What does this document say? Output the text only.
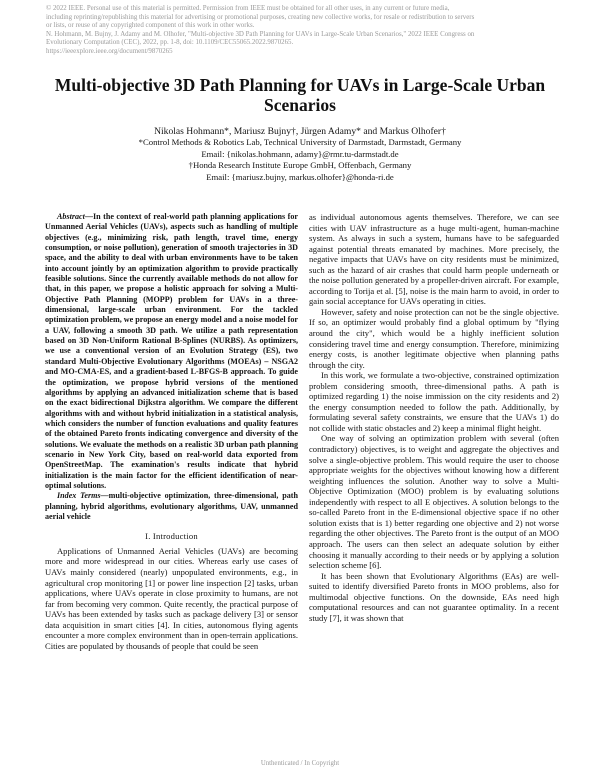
© 2022 IEEE. Personal use of this material is permitted. Permission from IEEE must be obtained for all other uses, in any current or future media,
including reprinting/republishing this material for advertising or promotional purposes, creating new collective works, for resale or redistribution to servers
or lists, or reuse of any copyrighted component of this work in other works.
N. Hohmann, M. Bujny, J. Adamy and M. Olhofer, "Multi-objective 3D Path Planning for UAVs in Large-Scale Urban Scenarios," 2022 IEEE Congress on
Evolutionary Computation (CEC), 2022, pp. 1-8, doi: 10.1109/CEC55065.2022.9870265.
https://ieeexplore.ieee.org/document/9870265
Multi-objective 3D Path Planning for UAVs in Large-Scale Urban Scenarios
Nikolas Hohmann*, Mariusz Bujny†, Jürgen Adamy* and Markus Olhofer†
*Control Methods & Robotics Lab, Technical University of Darmstadt, Darmstadt, Germany
Email: {nikolas.hohmann, adamy}@rmr.tu-darmstadt.de
†Honda Research Institute Europe GmbH, Offenbach, Germany
Email: {mariusz.bujny, markus.olhofer}@honda-ri.de

Abstract—In the context of real-world path planning applications for Unmanned Aerial Vehicles (UAVs), aspects such as handling of multiple objectives (e.g., minimizing risk, path length, travel time, energy consumption, or noise pollution), generation of smooth trajectories in 3D space, and the ability to deal with urban environments have to be taken into account jointly by an optimization algorithm to provide practically feasible solutions. Since the currently available methods do not allow for that, in this paper, we propose a holistic approach for solving a Multi-Objective Path Planning (MOPP) problem for UAVs in a three-dimensional, large-scale urban environment. For the tackled optimization problem, we propose an energy model and a noise model for a UAV, following a smooth 3D path. We utilize a path representation based on 3D Non-Uniform Rational B-Splines (NURBS). As optimizers, we use a conventional version of an Evolution Strategy (ES), two standard Multi-Objective Evolutionary Algorithms (MOEAs) – NSGA2 and MO-CMA-ES, and a gradient-based L-BFGS-B approach. To guide the optimization, we propose hybrid versions of the mentioned algorithms by applying an advanced initialization scheme that is based on the exact bidirectional Dijkstra algorithm. We compare the different algorithms with and without hybrid initialization in a statistical analysis, which considers the number of function evaluations and quality features of the obtained Pareto fronts indicating convergence and diversity of the solutions. We evaluate the methods on a realistic 3D urban path planning scenario in New York City, based on real-world data exported from OpenStreetMap. The examination's results indicate that hybrid initialization is the main factor for the efficient identification of near-optimal solutions.

Index Terms—multi-objective optimization, three-dimensional, path planning, hybrid algorithms, evolutionary algorithms, UAV, unmanned aerial vehicle
I. Introduction

Applications of Unmanned Aerial Vehicles (UAVs) are becoming more and more widespread in our cities. Whereas early use cases of UAVs mainly considered (nearly) unpopulated environments, e.g., in agricultural crop monitoring [1] or power line inspection [2] tasks, urban applications, where UAVs operate in close proximity to humans, are not far from becoming very common. Quite recently, the practical purpose of UAVs has been extended by tasks such as package delivery [3] or sensor data acquisition in smart cities [4]. In cities, autonomous flying agents encounter a more complex environment than in open-terrain applications. Cities are populated by thousands of people that could be seen

as individual autonomous agents themselves. Therefore, we can see cities with UAV infrastructure as a huge multi-agent, human-machine system. As always in such a system, humans have to be safeguarded against potential threats emanated by machines. More precisely, the negative impacts that UAVs have on city residents must be minimized, such as the hazard of air crashes that could harm people underneath or the noise pollution generated by a propeller-driven aircraft. For example, according to Torija et al. [5], noise is the main harm to avoid, in order to gain social acceptance for UAVs operating in cities.

However, safety and noise protection can not be the single objective. If so, an optimizer would probably find a global optimum by "flying around the city", which would be a highly inefficient solution considering travel time and energy consumption. Therefore, minimizing energy costs, is another legitimate objective when planning paths through the city.

In this work, we formulate a two-objective, constrained optimization problem considering smooth, three-dimensional paths. A path is optimized regarding 1) the noise immission on the city residents and 2) the energy consumption needed to follow the path. Additionally, by formulating several safety constraints, we ensure that the UAVs 1) do not collide with static obstacles and 2) keep a minimal flight height.

One way of solving an optimization problem with several (often contradictory) objectives, is to weight and aggregate the objectives and solve a single-objective problem. This would require the user to choose appropriate weights for the objectives without knowing how a different weighting influences the solution. Another way to solve a Multi-Objective Optimization (MOO) problem is by evaluating solutions independently with respect to all E objectives. A solution belongs to the so-called Pareto front in the E-dimensional objective space if no other solution exists that is 1) better regarding one objective and 2) not worse regarding the other objectives. The Pareto front is the output of an MOO approach. The users can then select an adequate solution by either choosing it manually according to their needs or by applying a solution selection scheme [6].

It has been shown that Evolutionary Algorithms (EAs) are well-suited to identify diversified Pareto fronts in MOO problems, also for multimodal objective functions. On the downside, EAs need high computational resources and can not guarantee optimality. In a recent study [7], it was shown that

Unthenticated / In Copyright
